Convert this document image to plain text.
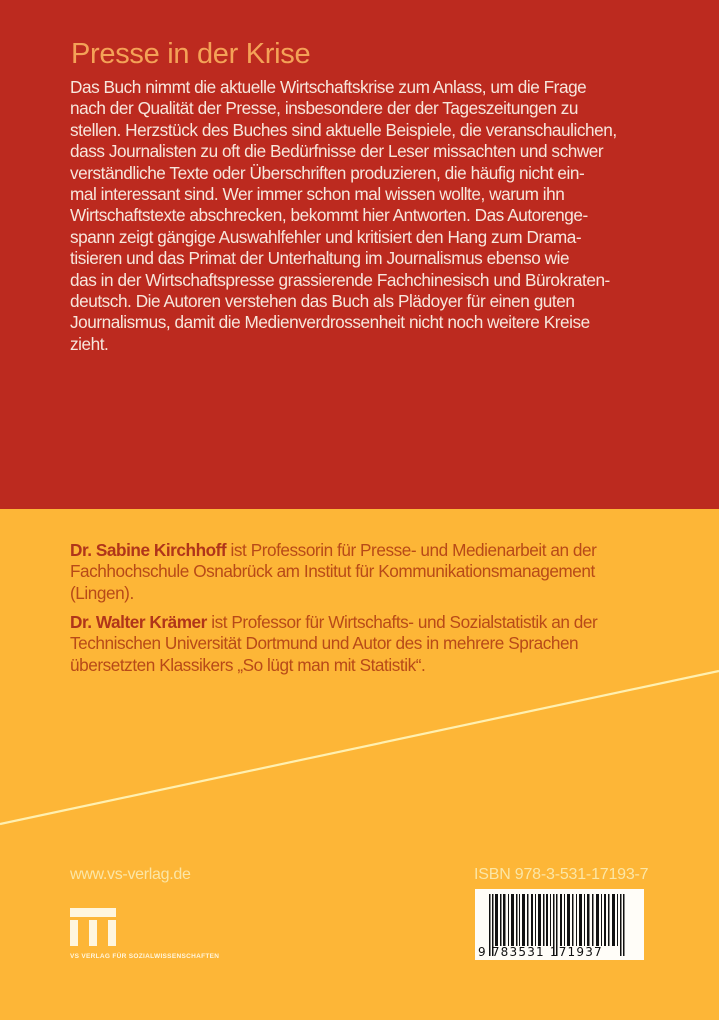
Presse in der Krise
Das Buch nimmt die aktuelle Wirtschaftskrise zum Anlass, um die Frage
nach der Qualität der Presse, insbesondere der der Tageszeitungen zu
stellen. Herzstück des Buches sind aktuelle Beispiele, die veranschaulichen,
dass Journalisten zu oft die Bedürfnisse der Leser missachten und schwer
verständliche Texte oder Überschriften produzieren, die häufig nicht ein-
mal interessant sind. Wer immer schon mal wissen wollte, warum ihn
Wirtschaftstexte abschrecken, bekommt hier Antworten. Das Autorenge-
spann zeigt gängige Auswahlfehler und kritisiert den Hang zum Drama-
tisieren und das Primat der Unterhaltung im Journalismus ebenso wie
das in der Wirtschaftspresse grassierende Fachchinesisch und Bürokraten-
deutsch. Die Autoren verstehen das Buch als Plädoyer für einen guten
Journalismus, damit die Medienverdrossenheit nicht noch weitere Kreise
zieht.
Dr. Sabine Kirchhoff ist Professorin für Presse- und Medienarbeit an der
Fachhochschule Osnabrück am Institut für Kommunikationsmanagement
(Lingen).
Dr. Walter Krämer ist Professor für Wirtschafts- und Sozialstatistik an der
Technischen Universität Dortmund und Autor des in mehrere Sprachen
übersetzten Klassikers „So lügt man mit Statistik“.
www.vs-verlag.de
VS VERLAG FÜR SOZIALWISSENSCHAFTEN
ISBN 978-3-531-17193-7
9 783531 171937
